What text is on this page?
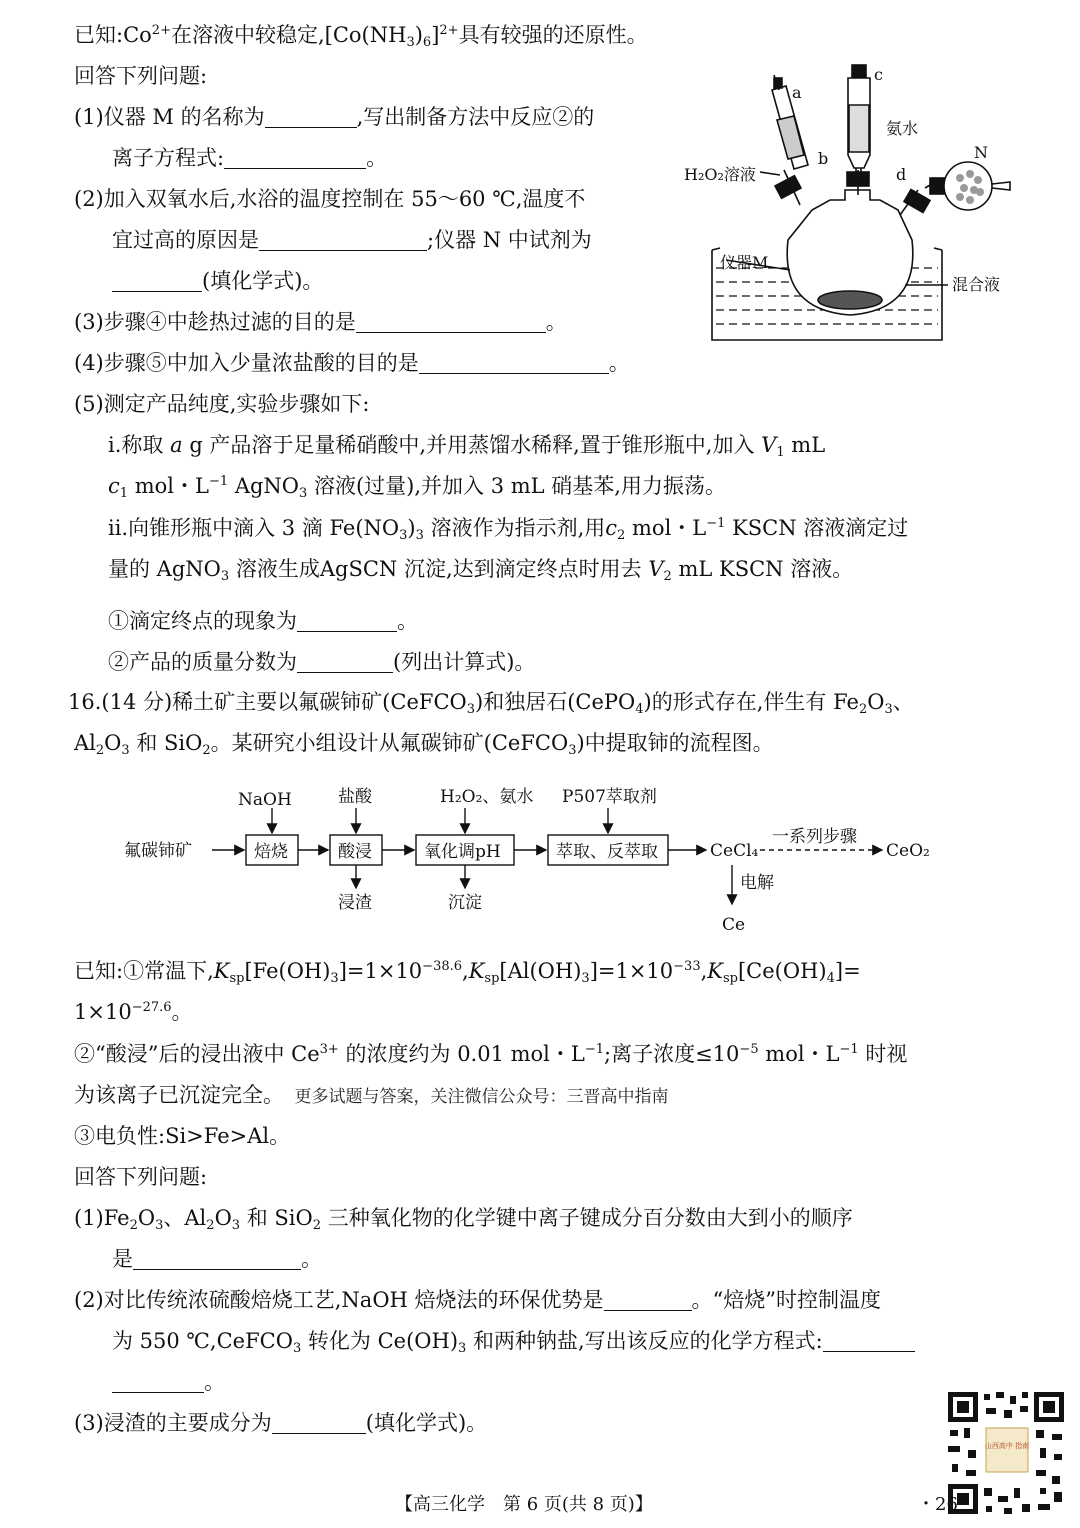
已知$:Co^{2+}$在溶液中较稳定$,[Co(NH_3)_6]^{2+}$具有较强的还原性。
回答下列问题:
(1)仪器 M 的名称为	,写出制备方法中反应②的
离子方程式:	。
(2)加入双氧水后,水浴的温度控制在 55～60 ℃,温度不
宜过高的原因是	;仪器 N 中试剂为
(填化学式)。
(3)步骤④中趁热过滤的目的是	。
(4)步骤⑤中加入少量浓盐酸的目的是	。
(5)测定产品纯度,实验步骤如下:
ⅰ.称取 a g 产品溶于足量稀硝酸中,并用蒸馏水稀释,置于锥形瓶中,加入 $V_1$ mL
$c_1$ mol・$L^{-1}$ AgNO$_3$ 溶液(过量),并加入 3 mL 硝基苯,用力振荡。
ⅱ.向锥形瓶中滴入 3 滴 $Fe(NO_3)_3$ 溶液作为指示剂,用$c_2$ mol・$L^{-1}$ KSCN 溶液滴定过
量的 AgNO$_3$ 溶液生成AgSCN 沉淀,达到滴定终点时用去 $V_2$ mL KSCN 溶液。
①滴定终点的现象为	。
②产品的质量分数为	(列出计算式)。
16.(14 分)稀土矿主要以氟碳铈矿(CeFCO$_3$)和独居石(CePO$_4$)的形式存在,伴生有 $Fe_2O_3$、
$Al_2O_3$ 和 SiO$_2$。某研究小组设计从氟碳铈矿(CeFCO$_3$)中提取铈的流程图。
a
b
c
d
N
氨水
H₂O₂溶液
仪器M
混合液
NaOH	盐酸	H₂O₂、氨水 P507萃取剂
氟碳铈矿	焙烧	酸浸	氧化调pH	萃取、反萃取	CeCl₄
一系列步骤
CeO₂
浸渣	沉淀
电解
Ce
已知:①常温下$,K_{sp}[Fe(OH)_3]=1\times 10^{-38.6},K_{sp}[Al(OH)_3]=1\times 10^{-33},K_{sp}[Ce(OH)_4]=$
$1\times 10^{-27.6}$。
②“酸浸”后的浸出液中 $Ce^{3+}$ 的浓度约为 0.01 mol・$L^{-1}$;离子浓度$\le 10^{-5}$ mol・$L^{-1}$ 时视
为该离子已沉淀完全。　 更多试题与答案，关注微信公众号：三晋高中指南
③电负性:Si>Fe>Al。
回答下列问题:
$(1)Fe_2O_3$、$Al_2O_3$ 和 SiO$_2$ 三种氧化物的化学键中离子键成分百分数由大到小的顺序
是	。
(2)对比传统浓硫酸焙烧工艺,NaOH 焙烧法的环保优势是	。“焙烧”时控制温度
为 550 ℃,CeFCO$_3$ 转化为 $Ce(OH)_3$ 和两种钠盐,写出该反应的化学方程式:
。
(3)浸渣的主要成分为	(填化学式)。
山西高中 指南
【高三化学　第 6 页(共 8 页)】	・26
